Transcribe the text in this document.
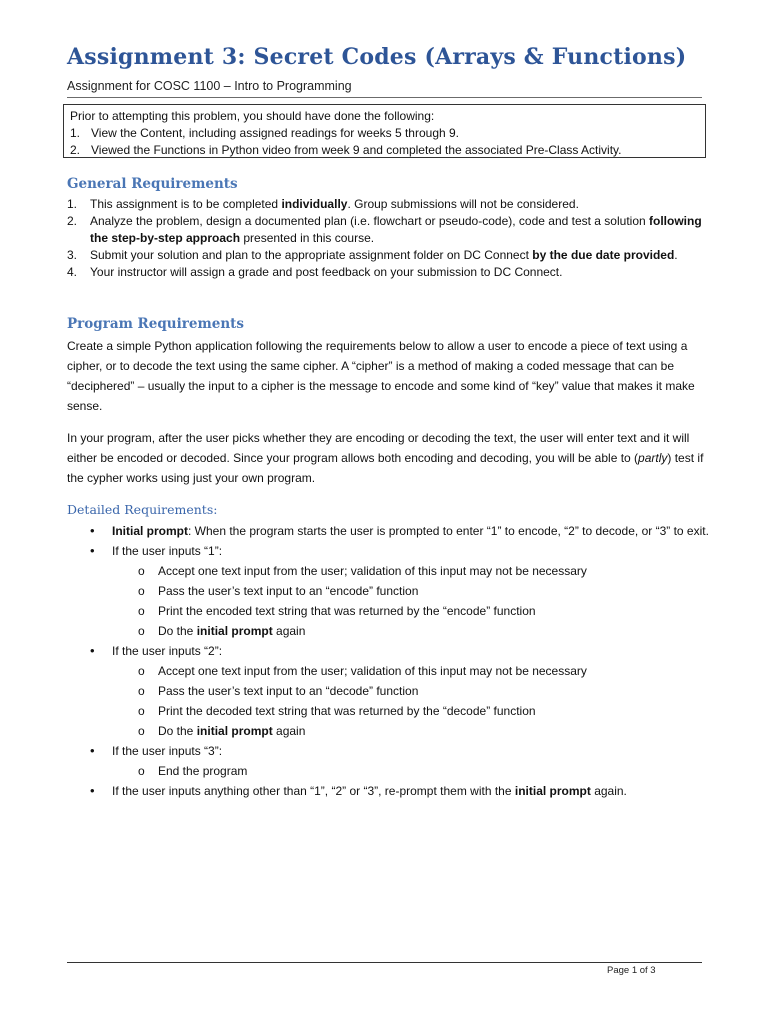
Assignment 3: Secret Codes (Arrays & Functions)
Assignment for COSC 1100 – Intro to Programming
Prior to attempting this problem, you should have done the following:
1. View the Content, including assigned readings for weeks 5 through 9.
2. Viewed the Functions in Python video from week 9 and completed the associated Pre-Class Activity.
General Requirements
1. This assignment is to be completed individually. Group submissions will not be considered.
2. Analyze the problem, design a documented plan (i.e. flowchart or pseudo-code), code and test a solution following the step-by-step approach presented in this course.
3. Submit your solution and plan to the appropriate assignment folder on DC Connect by the due date provided.
4. Your instructor will assign a grade and post feedback on your submission to DC Connect.
Program Requirements

Create a simple Python application following the requirements below to allow a user to encode a piece of text using a cipher, or to decode the text using the same cipher. A “cipher” is a method of making a coded message that can be “deciphered” – usually the input to a cipher is the message to encode and some kind of “key” value that makes it make sense.

In your program, after the user picks whether they are encoding or decoding the text, the user will enter text and it will either be encoded or decoded. Since your program allows both encoding and decoding, you will be able to (partly) test if the cypher works using just your own program.

Detailed Requirements:
• Initial prompt: When the program starts the user is prompted to enter “1” to encode, “2” to decode, or “3” to exit.
• If the user inputs “1”:
o Accept one text input from the user; validation of this input may not be necessary
o Pass the user’s text input to an “encode” function
o Print the encoded text string that was returned by the “encode” function
o Do the initial prompt again
• If the user inputs “2”:
o Accept one text input from the user; validation of this input may not be necessary
o Pass the user’s text input to an “decode” function
o Print the decoded text string that was returned by the “decode” function
o Do the initial prompt again
• If the user inputs “3”:
o End the program
• If the user inputs anything other than “1”, “2” or “3”, re-prompt them with the initial prompt again.
Page 1 of 3
